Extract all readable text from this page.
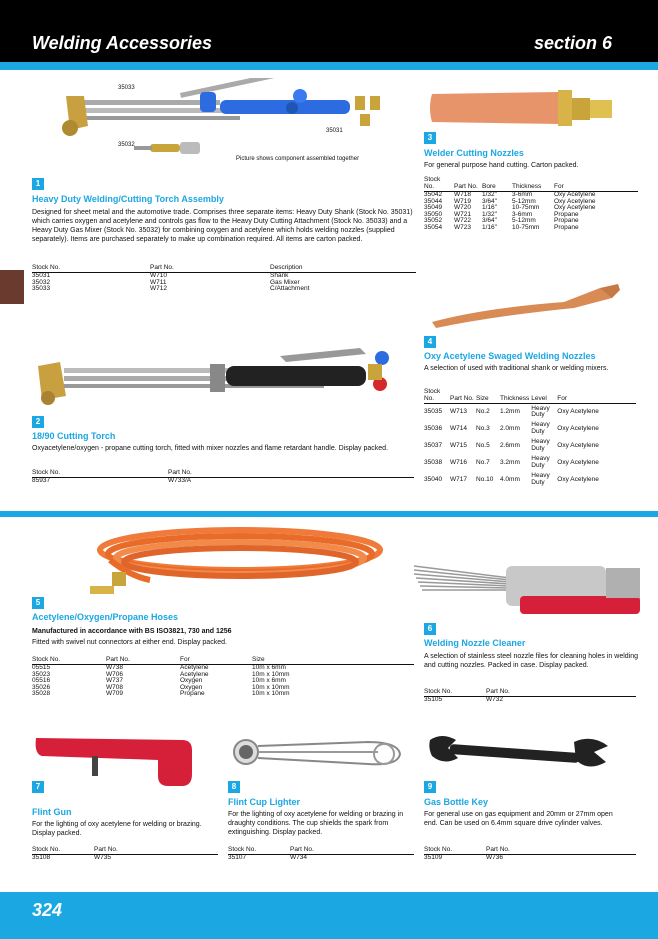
Welding Accessories	section 6
35033
35032
35031
Picture shows component assembled together
1
Heavy Duty Welding/Cutting Torch Assembly
Designed for sheet metal and the automotive trade. Comprises three separate items: Heavy Duty Shank (Stock No. 35031) which carries oxygen and acetylene and controls gas flow to the Heavy Duty Cutting Attachment (Stock No. 35033) and a Heavy Duty Gas Mixer (Stock No. 35032) for combining oxygen and acetylene which holds welding nozzles (supplied separately). Items are purchased separately to make up combination required. All items are carton packed.
Stock No.	Part No.	Description
35031	W710	Shank
35032	W711	Gas Mixer
35033	W712	C/Attachment
2
18/90 Cutting Torch
Oxyacetylene/oxygen - propane cutting torch, fitted with mixer nozzles and flame retardant handle. Display packed.
Stock No.	Part No.
85937	W733/A
3
Welder Cutting Nozzles
For general purpose hand cutting. Carton packed.
Stock No.	Part No.	Bore	Thickness	For
35042	W718	1/32"	3-6mm	Oxy Acetylene
35044	W719	3/64"	5-12mm	Oxy Acetylene
35049	W720	1/16"	10-75mm	Oxy Acetylene
35050	W721	1/32"	3-6mm	Propane
35052	W722	3/64"	5-12mm	Propane
35054	W723	1/16"	10-75mm	Propane
4
Oxy Acetylene Swaged Welding Nozzles
A selection of used with traditional shank or welding mixers.
Stock No.	Part No.	Size	Thickness	Level	For
35035	W713	No.2	1.2mm	Heavy Duty	Oxy Acetylene
35036	W714	No.3	2.0mm	Heavy Duty	Oxy Acetylene
35037	W715	No.5	2.6mm	Heavy Duty	Oxy Acetylene
35038	W716	No.7	3.2mm	Heavy Duty	Oxy Acetylene
35040	W717	No.10	4.0mm	Heavy Duty	Oxy Acetylene
5
Acetylene/Oxygen/Propane Hoses
Manufactured in accordance with BS ISO3821, 730 and 1256
Fitted with swivel nut connectors at either end. Display packed.
Stock No.	Part No.	For	Size
05515	W738	Acetylene	10m x 6mm
35023	W706	Acetylene	10m x 10mm
05516	W737	Oxygen	10m x 6mm
35026	W708	Oxygen	10m x 10mm
35028	W709	Propane	10m x 10mm
6
Welding Nozzle Cleaner
A selection of stainless steel nozzle files for cleaning holes in welding and cutting nozzles. Packed in case. Display packed.
Stock No.	Part No.
35105	W732
7
Flint Gun
For the lighting of oxy acetylene for welding or brazing. Display packed.
Stock No.	Part No.
35108	W735
8
Flint Cup Lighter
For the lighting of oxy acetylene for welding or brazing in draughty conditions. The cup shields the spark from extinguishing. Display packed.
Stock No.	Part No.
35107	W734
9
Gas Bottle Key
For general use on gas equipment and 20mm or 27mm open end. Can be used on 6.4mm square drive cylinder valves.
Stock No.	Part No.
35109	W736
324
